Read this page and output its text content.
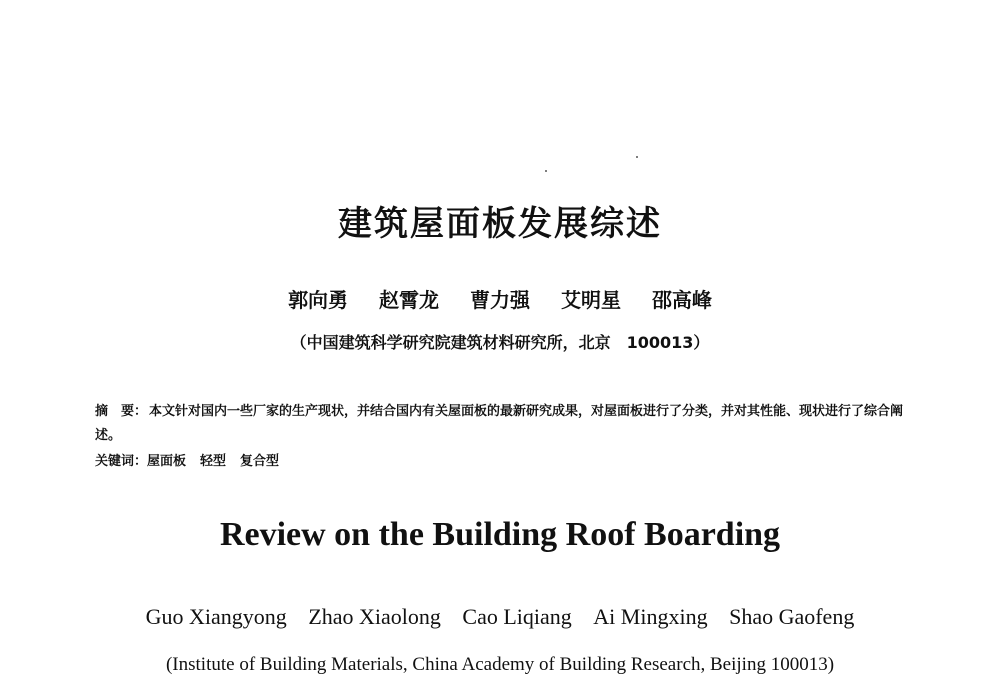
建筑屋面板发展综述

郭向勇 赵霄龙 曹力强 艾明星 邵高峰

（中国建筑科学研究院建筑材料研究所，北京　100013）

摘　要： 本文针对国内一些厂家的生产现状，并结合国内有关屋面板的最新研究成果，对屋面板进行了分类，并对其性能、现状进行了综合阐述。

关键词：屋面板 轻型 复合型

Review on the Building Roof Boarding

Guo Xiangyong Zhao Xiaolong Cao Liqiang Ai Mingxing Shao Gaofeng

(Institute of Building Materials, China Academy of Building Research, Beijing 100013)
